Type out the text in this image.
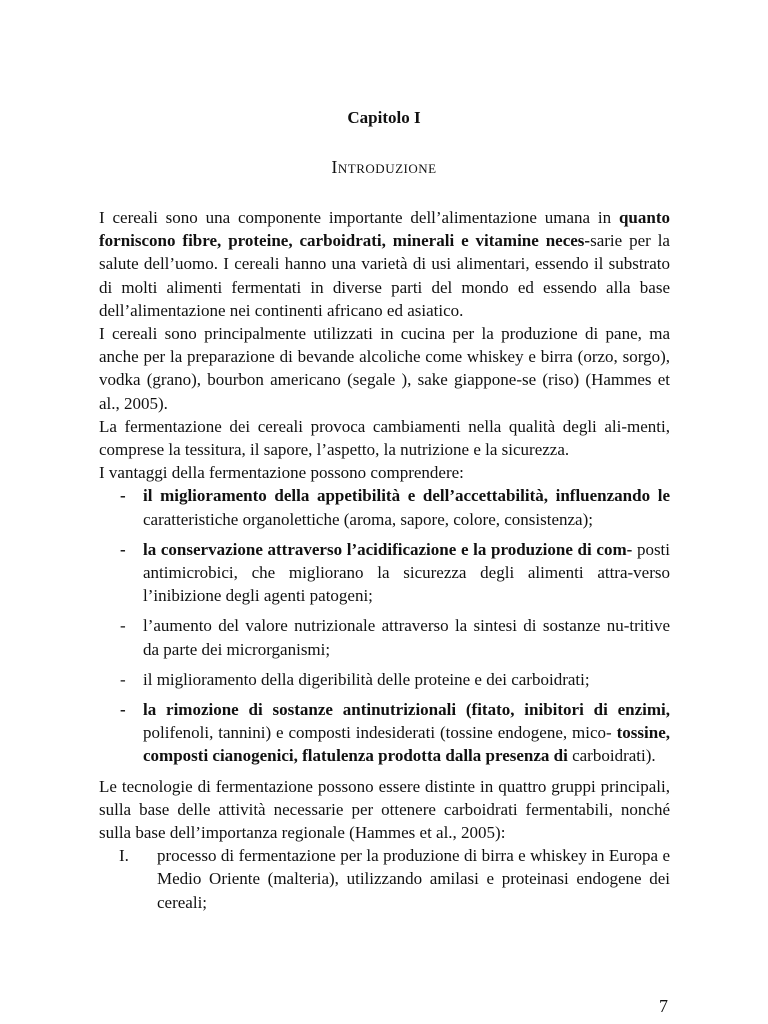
Capitolo I
Introduzione

I cereali sono una componente importante dell’alimentazione umana in quanto forniscono fibre, proteine, carboidrati, minerali e vitamine neces-sarie per la salute dell’uomo. I cereali hanno una varietà di usi alimentari, essendo il substrato di molti alimenti fermentati in diverse parti del mondo ed essendo alla base dell’alimentazione nei continenti africano ed asiatico.

I cereali sono principalmente utilizzati in cucina per la produzione di pane, ma anche per la preparazione di bevande alcoliche come whiskey e birra (orzo, sorgo), vodka (grano), bourbon americano (segale ), sake giappone-se (riso) (Hammes et al., 2005).

La fermentazione dei cereali provoca cambiamenti nella qualità degli ali-menti, comprese la tessitura, il sapore, l’aspetto, la nutrizione e la sicurezza.

I vantaggi della fermentazione possono comprendere:

- il miglioramento della appetibilità e dell’accettabilità, influenzando le caratteristiche organolettiche (aroma, sapore, colore, consistenza);
- la conservazione attraverso l’acidificazione e la produzione di com- posti antimicrobici, che migliorano la sicurezza degli alimenti attra-verso l’inibizione degli agenti patogeni;
- l’aumento del valore nutrizionale attraverso la sintesi di sostanze nu-tritive da parte dei microrganismi;
- il miglioramento della digeribilità delle proteine e dei carboidrati;
- la rimozione di sostanze antinutrizionali (fitato, inibitori di enzimi, polifenoli, tannini) e composti indesiderati (tossine endogene, mico- tossine, composti cianogenici, flatulenza prodotta dalla presenza di carboidrati).

Le tecnologie di fermentazione possono essere distinte in quattro gruppi principali, sulla base delle attività necessarie per ottenere carboidrati fermentabili, nonché sulla base dell’importanza regionale (Hammes et al., 2005):

I. processo di fermentazione per la produzione di birra e whiskey in Europa e Medio Oriente (malteria), utilizzando amilasi e proteinasi endogene dei cereali;
7
